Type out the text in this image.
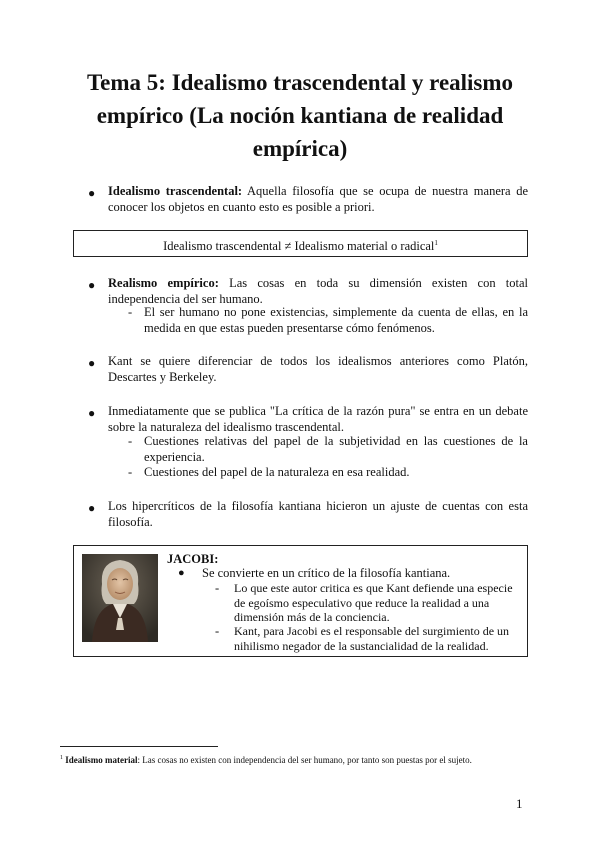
Tema 5: Idealismo trascendental y realismo
empírico (La noción kantiana de realidad
empírica)
● Idealismo trascendental: Aquella filosofía que se ocupa de nuestra manera de conocer los objetos en cuanto esto es posible a priori.
Idealismo trascendental ≠ Idealismo material o radical$^1$
● Realismo empírico: Las cosas en toda su dimensión existen con total independencia del ser humano.
- El ser humano no pone existencias, simplemente da cuenta de ellas, en la medida en que estas pueden presentarse cómo fenómenos.
● Kant se quiere diferenciar de todos los idealismos anteriores como Platón, Descartes y Berkeley.
● Inmediatamente que se publica "La crítica de la razón pura" se entra en un debate sobre la naturaleza del idealismo trascendental.
- Cuestiones relativas del papel de la subjetividad en las cuestiones de la experiencia.
- Cuestiones del papel de la naturaleza en esa realidad.
● Los hipercríticos de la filosofía kantiana hicieron un ajuste de cuentas con esta filosofía.
JACOBI:
● Se convierte en un crítico de la filosofía kantiana.
- Lo que este autor critica es que Kant defiende una especie de egoísmo especulativo que reduce la realidad a una dimensión más de la conciencia.
- Kant, para Jacobi es el responsable del surgimiento de un nihilismo negador de la sustancialidad de la realidad.
$^1$ Idealismo material: Las cosas no existen con independencia del ser humano, por tanto son puestas por el sujeto.
1
